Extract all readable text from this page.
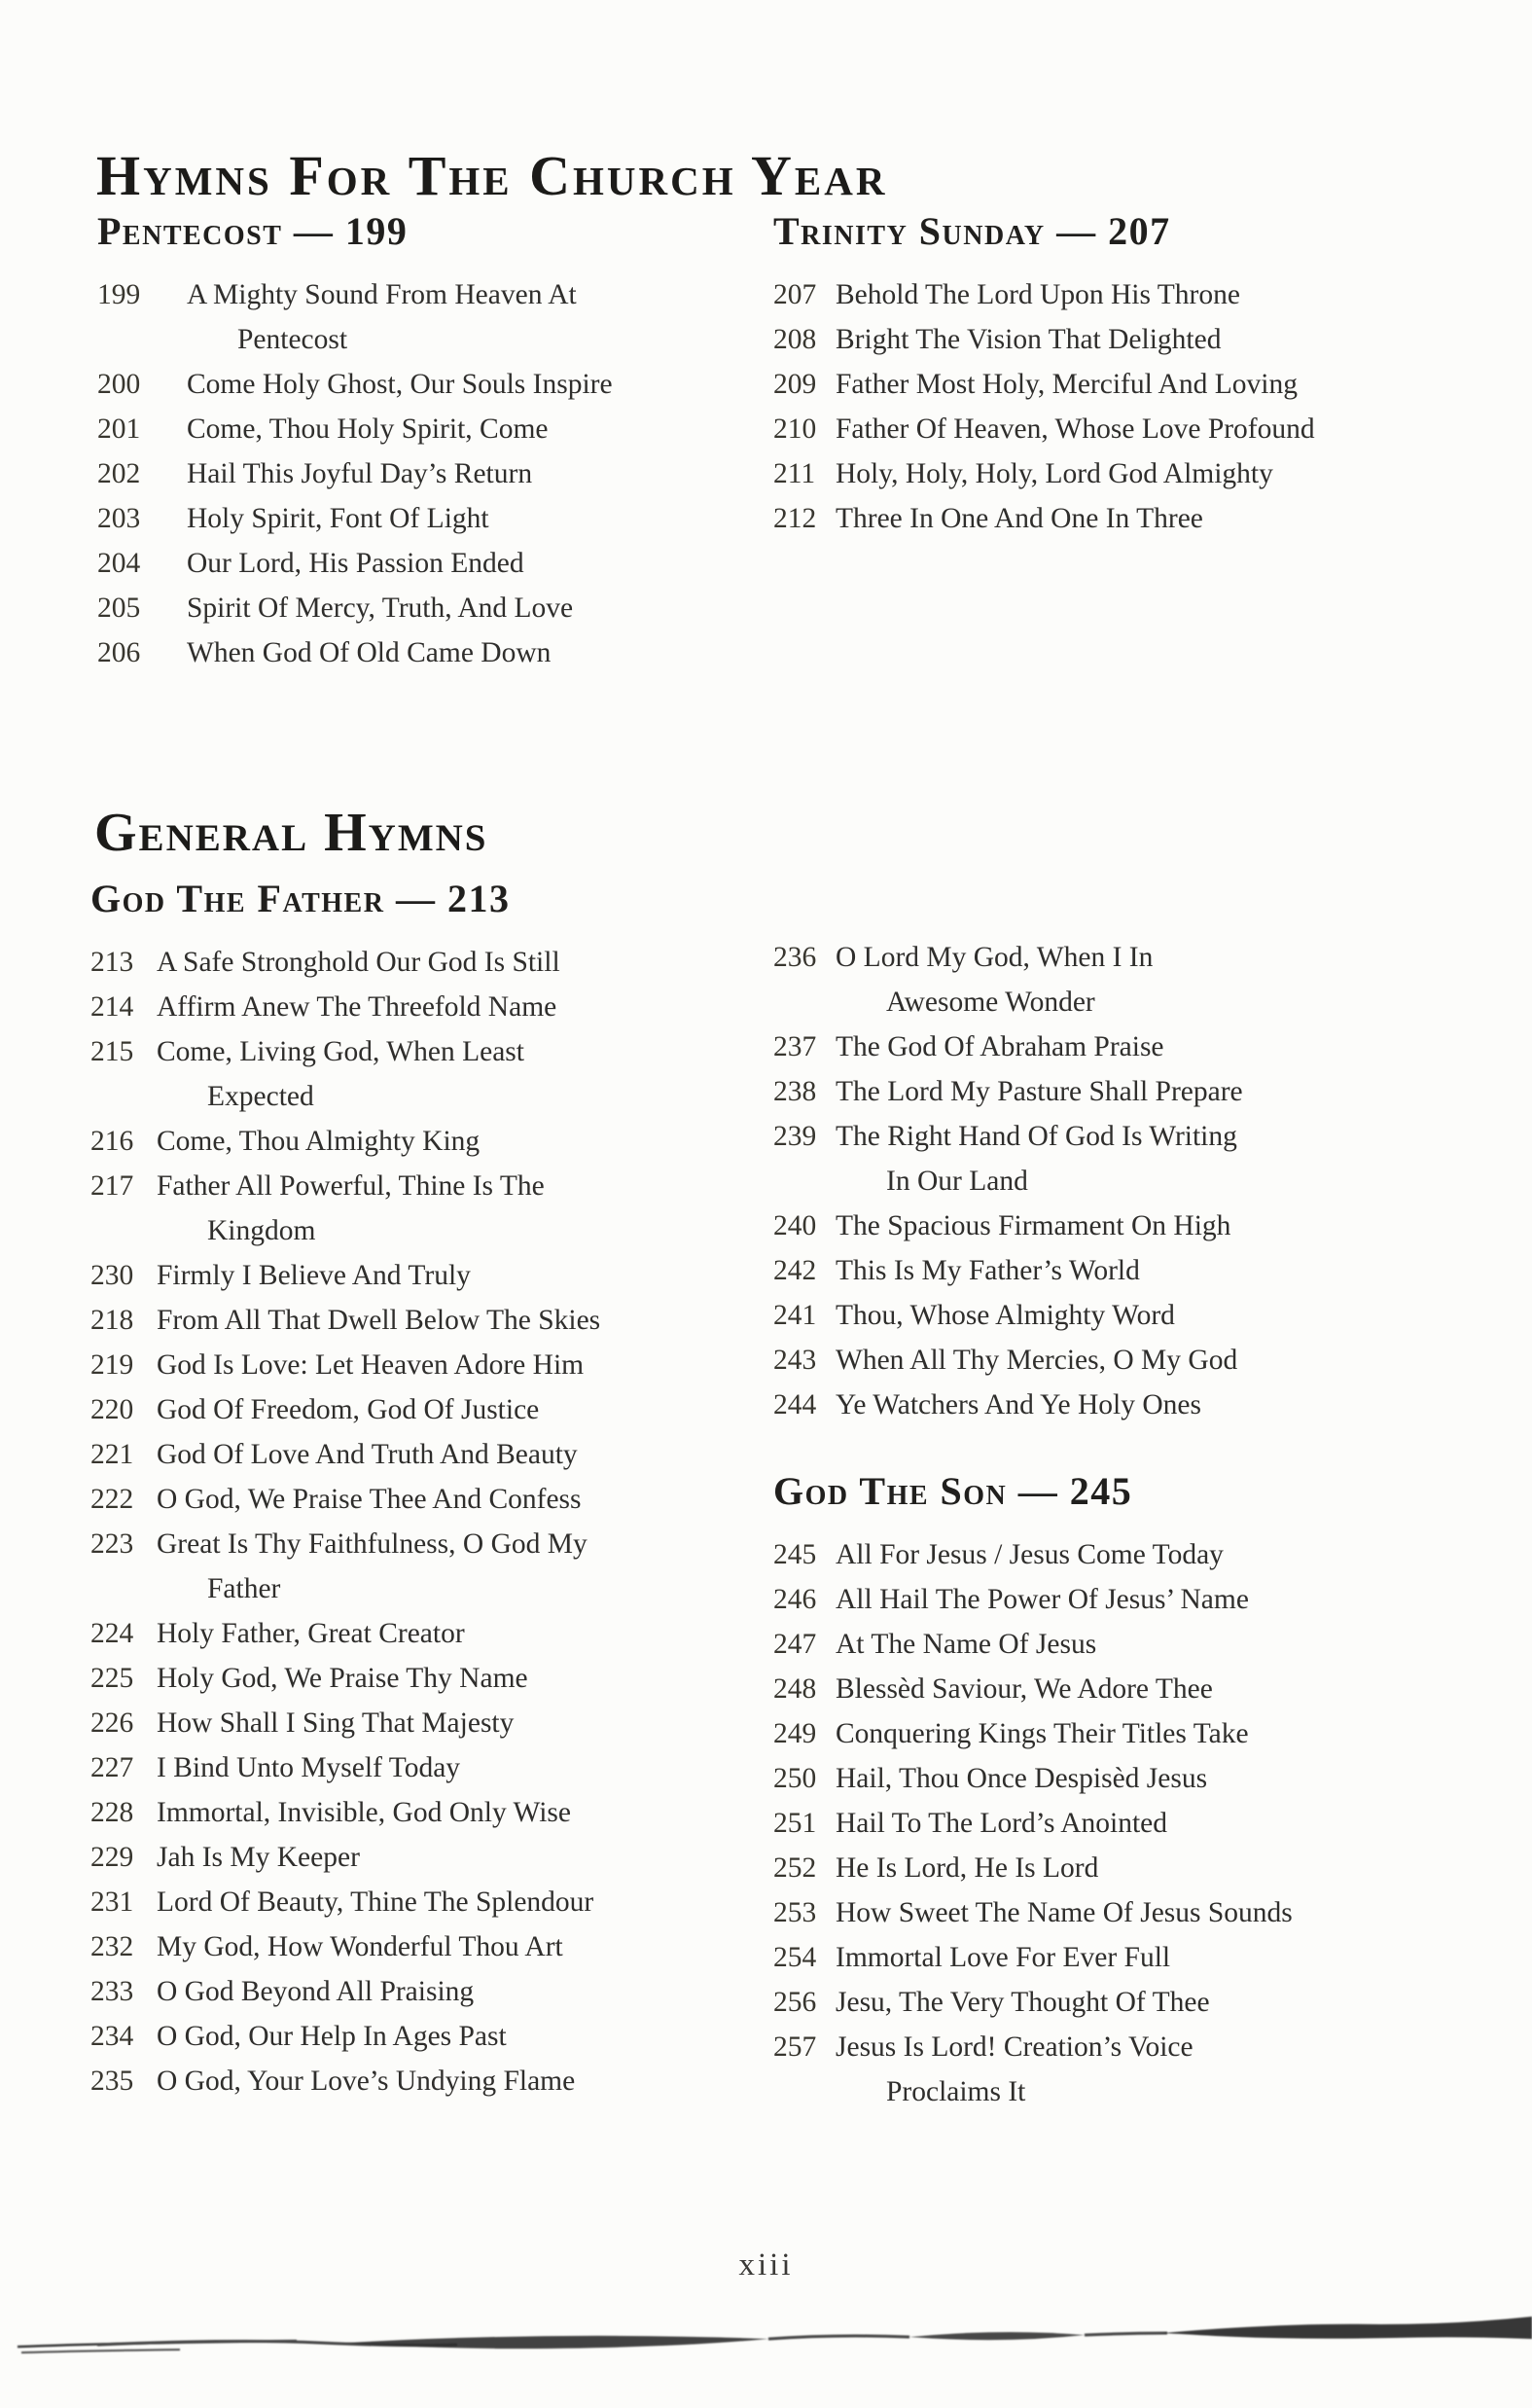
Hymns For The Church Year
Pentecost — 199
199	A Mighty Sound From Heaven At
Pentecost
200	Come Holy Ghost, Our Souls Inspire
201	Come, Thou Holy Spirit, Come
202	Hail This Joyful Day’s Return
203	Holy Spirit, Font Of Light
204	Our Lord, His Passion Ended
205	Spirit Of Mercy, Truth, And Love
206	When God Of Old Came Down
Trinity Sunday — 207
207 Behold The Lord Upon His Throne
208 Bright The Vision That Delighted
209 Father Most Holy, Merciful And Loving
210 Father Of Heaven, Whose Love Profound
211 Holy, Holy, Holy, Lord God Almighty
212 Three In One And One In Three
General Hymns
God The Father — 213
213 A Safe Stronghold Our God Is Still
214 Affirm Anew The Threefold Name
215 Come, Living God, When Least
Expected
216 Come, Thou Almighty King
217 Father All Powerful, Thine Is The
Kingdom
230 Firmly I Believe And Truly
218 From All That Dwell Below The Skies
219 God Is Love: Let Heaven Adore Him
220 God Of Freedom, God Of Justice
221 God Of Love And Truth And Beauty
222 O God, We Praise Thee And Confess
223 Great Is Thy Faithfulness, O God My
Father
224 Holy Father, Great Creator
225 Holy God, We Praise Thy Name
226 How Shall I Sing That Majesty
227 I Bind Unto Myself Today
228 Immortal, Invisible, God Only Wise
229 Jah Is My Keeper
231 Lord Of Beauty, Thine The Splendour
232 My God, How Wonderful Thou Art
233 O God Beyond All Praising
234 O God, Our Help In Ages Past
235 O God, Your Love’s Undying Flame
236 O Lord My God, When I In
Awesome Wonder
237 The God Of Abraham Praise
238 The Lord My Pasture Shall Prepare
239 The Right Hand Of God Is Writing
In Our Land
240 The Spacious Firmament On High
242 This Is My Father’s World
241 Thou, Whose Almighty Word
243 When All Thy Mercies, O My God
244 Ye Watchers And Ye Holy Ones
God The Son — 245
245 All For Jesus / Jesus Come Today
246 All Hail The Power Of Jesus’ Name
247 At The Name Of Jesus
248 Blessèd Saviour, We Adore Thee
249 Conquering Kings Their Titles Take
250 Hail, Thou Once Despisèd Jesus
251 Hail To The Lord’s Anointed
252 He Is Lord, He Is Lord
253 How Sweet The Name Of Jesus Sounds
254 Immortal Love For Ever Full
256 Jesu, The Very Thought Of Thee
257 Jesus Is Lord! Creation’s Voice
Proclaims It
xiii
